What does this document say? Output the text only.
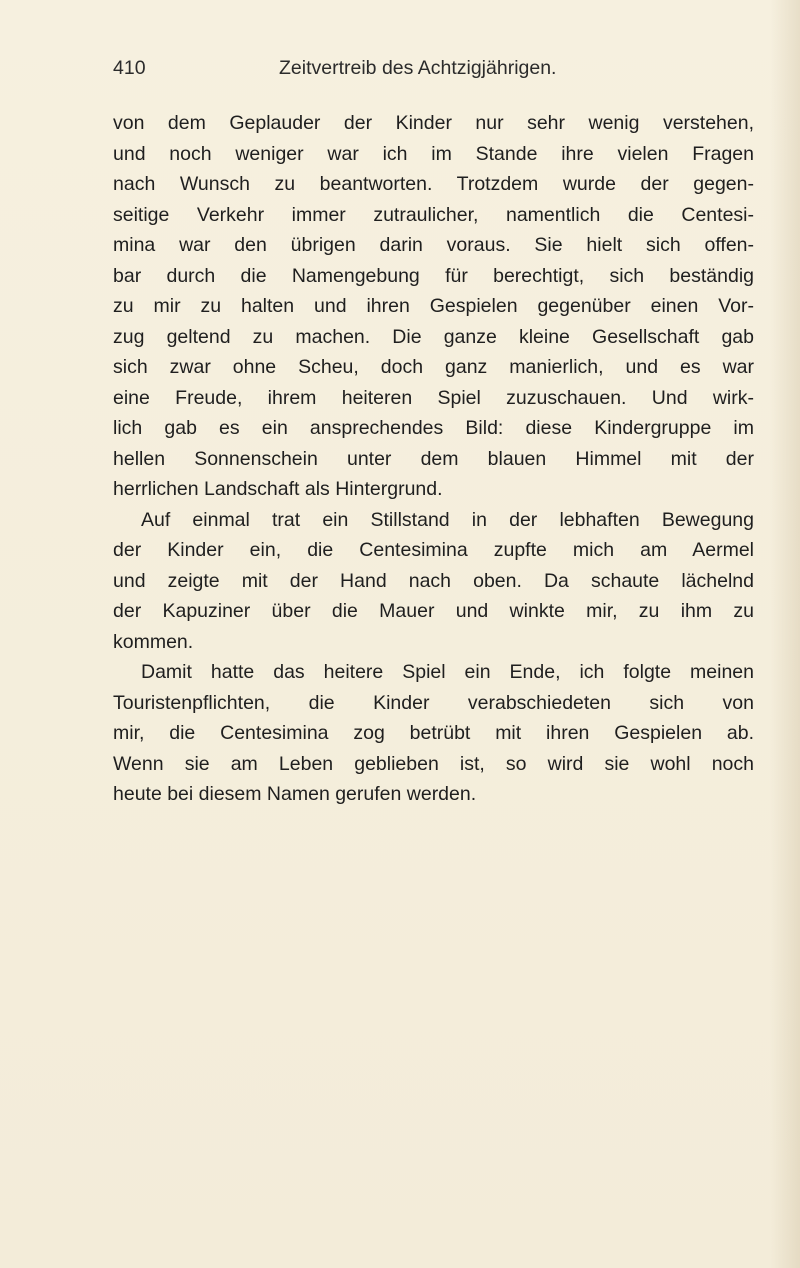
410	Zeitvertreib des Achtzigjährigen.
von dem Geplauder der Kinder nur sehr wenig verstehen,
und noch weniger war ich im Stande ihre vielen Fragen
nach Wunsch zu beantworten. Trotzdem wurde der gegen-
seitige Verkehr immer zutraulicher, namentlich die Centesi-
mina war den übrigen darin voraus. Sie hielt sich offen-
bar durch die Namengebung für berechtigt, sich beständig
zu mir zu halten und ihren Gespielen gegenüber einen Vor-
zug geltend zu machen. Die ganze kleine Gesellschaft gab
sich zwar ohne Scheu, doch ganz manierlich, und es war
eine Freude, ihrem heiteren Spiel zuzuschauen. Und wirk-
lich gab es ein ansprechendes Bild: diese Kindergruppe im
hellen Sonnenschein unter dem blauen Himmel mit der
herrlichen Landschaft als Hintergrund.
Auf einmal trat ein Stillstand in der lebhaften Bewegung
der Kinder ein, die Centesimina zupfte mich am Aermel
und zeigte mit der Hand nach oben. Da schaute lächelnd
der Kapuziner über die Mauer und winkte mir, zu ihm zu
kommen.
Damit hatte das heitere Spiel ein Ende, ich folgte meinen
Touristenpflichten, die Kinder verabschiedeten sich von
mir, die Centesimina zog betrübt mit ihren Gespielen ab.
Wenn sie am Leben geblieben ist, so wird sie wohl noch
heute bei diesem Namen gerufen werden.
